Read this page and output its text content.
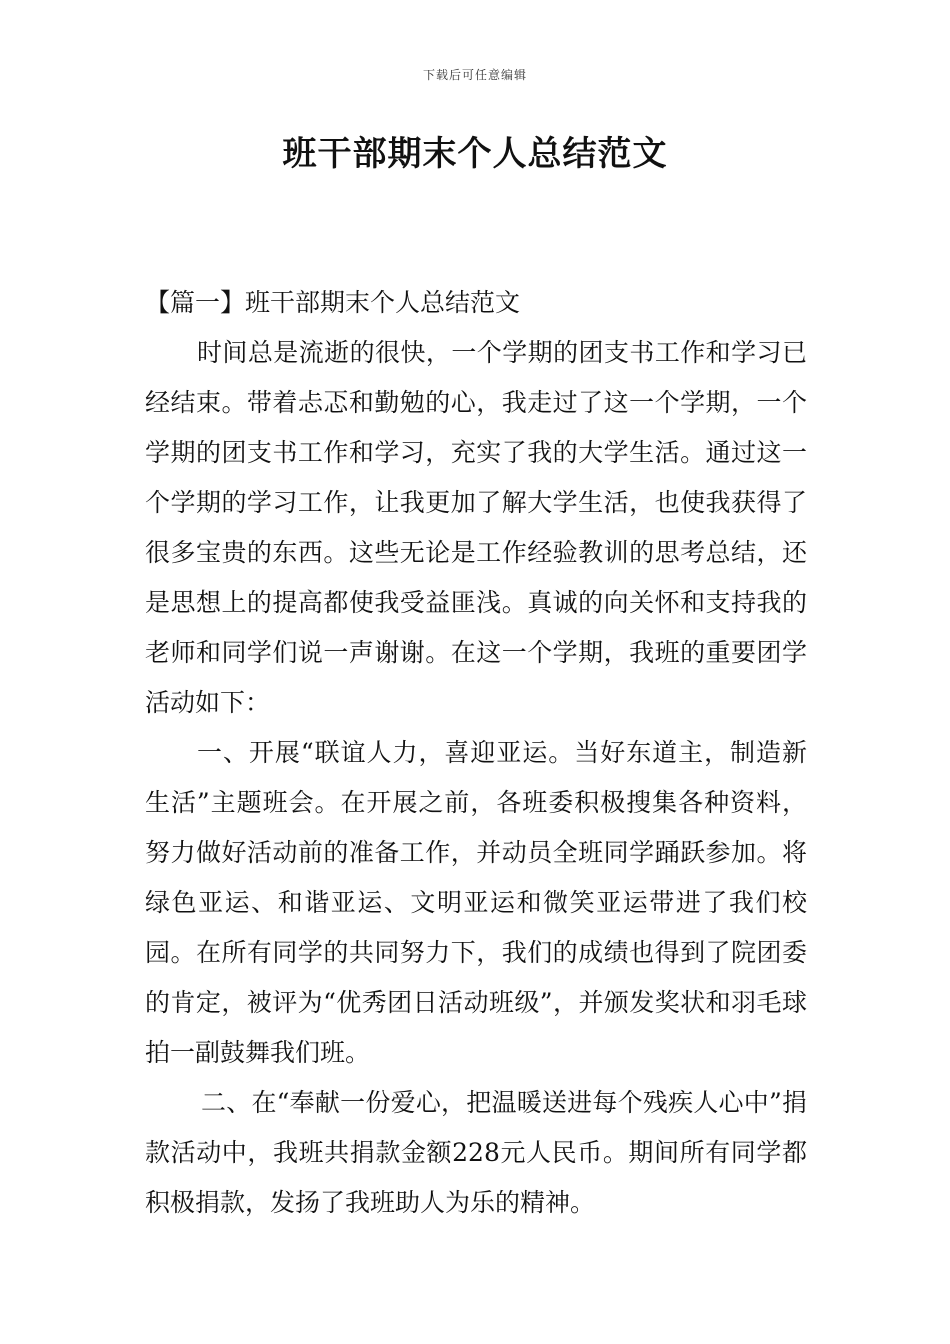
下载后可任意编辑
班干部期末个人总结范文

【篇一】班干部期末个人总结范文

时间总是流逝的很快，一个学期的团支书工作和学习已经结束。带着忐忑和勤勉的心，我走过了这一个学期，一个学期的团支书工作和学习，充实了我的大学生活。通过这一个学期的学习工作，让我更加了解大学生活，也使我获得了很多宝贵的东西。这些无论是工作经验教训的思考总结，还是思想上的提高都使我受益匪浅。真诚的向关怀和支持我的老师和同学们说一声谢谢。在这一个学期，我班的重要团学活动如下：

一、开展“联谊人力，喜迎亚运。当好东道主，制造新生活”主题班会。在开展之前，各班委积极搜集各种资料，努力做好活动前的准备工作，并动员全班同学踊跃参加。将绿色亚运、和谐亚运、文明亚运和微笑亚运带进了我们校园。在所有同学的共同努力下，我们的成绩也得到了院团委的肯定，被评为“优秀团日活动班级”，并颁发奖状和羽毛球拍一副鼓舞我们班。

二、在“奉献一份爱心，把温暖送进每个残疾人心中”捐款活动中，我班共捐款金额228元人民币。期间所有同学都积极捐款，发扬了我班助人为乐的精神。
